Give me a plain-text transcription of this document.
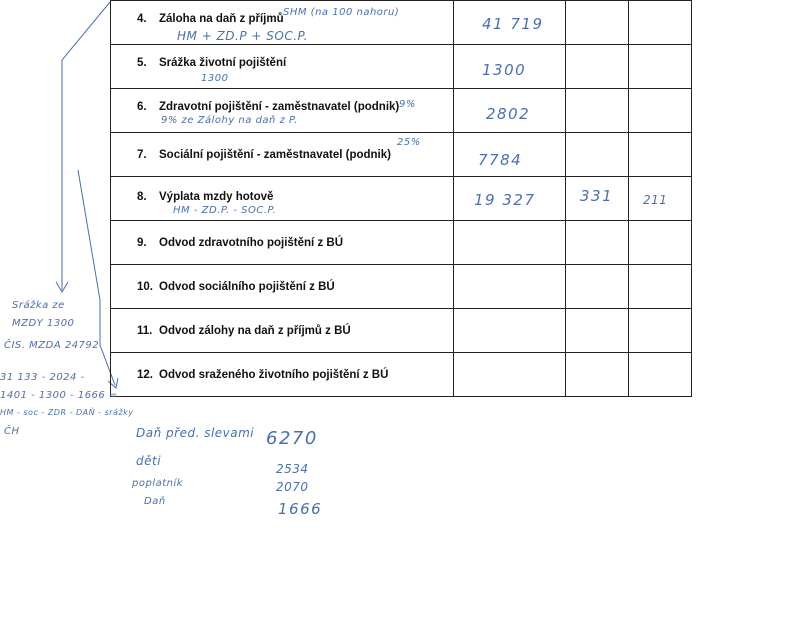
4. Záloha na daň z příjmů
SHM (na 100 nahoru)
HM + ZD.P + SOC.P.	41 719		

5. Srážka životní pojištění
1300	1300		

6. Zdravotní pojištění - zaměstnavatel (podnik) 9%
9% ze Zálohy na daň z P.	2802		

7. Sociální pojištění - zaměstnavatel (podnik)
25%	7784		

8. Výplata mzdy hotově
HM - ZD.P. - SOC.P.	19 327	331	211

9. Odvod zdravotního pojištění z BÚ			

10. Odvod sociálního pojištění z BÚ			

11. Odvod zálohy na daň z příjmů z BÚ			

12. Odvod sraženého životního pojištění z BÚ			

Srážka ze
MZDY 1300
ČIS. MZDA 24792
31 133 - 2024 -
1401 - 1300 - 1666 =
HM - soc - ZDR - DAŇ - srážky
ČH	Daň před. slevami 6270
děti
2534
poplatník	2070
Daň	1666
